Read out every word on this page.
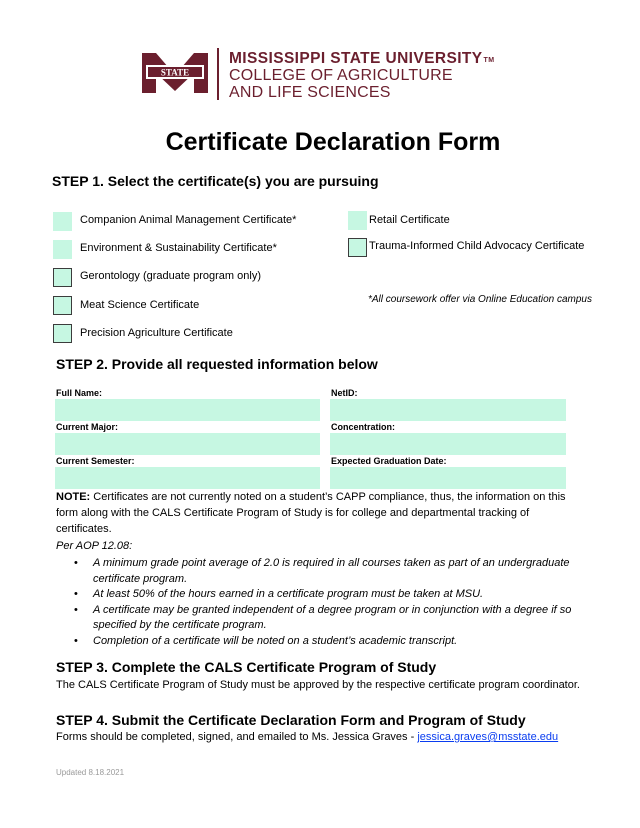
STATE
MISSISSIPPI STATE UNIVERSITYTM
COLLEGE OF AGRICULTURE
AND LIFE SCIENCES
Certificate Declaration Form
STEP 1. Select the certificate(s) you are pursuing
Companion Animal Management Certificate*
Environment & Sustainability Certificate*
Gerontology (graduate program only)
Meat Science Certificate
Precision Agriculture Certificate
Retail Certificate
Trauma-Informed Child Advocacy Certificate
*All coursework offer via Online Education campus
STEP 2. Provide all requested information below
Full Name:	NetID:
Current Major:	Concentration:
Current Semester:	Expected Graduation Date:
NOTE: Certificates are not currently noted on a student’s CAPP compliance, thus, the information on this form along with the CALS Certificate Program of Study is for college and departmental tracking of certificates.
Per AOP 12.08:
• A minimum grade point average of 2.0 is required in all courses taken as part of an undergraduate certificate program.
• At least 50% of the hours earned in a certificate program must be taken at MSU.
• A certificate may be granted independent of a degree program or in conjunction with a degree if so specified by the certificate program.
• Completion of a certificate will be noted on a student’s academic transcript.
STEP 3. Complete the CALS Certificate Program of Study
The CALS Certificate Program of Study must be approved by the respective certificate program coordinator.
STEP 4. Submit the Certificate Declaration Form and Program of Study
Forms should be completed, signed, and emailed to Ms. Jessica Graves - jessica.graves@msstate.edu
Updated 8.18.2021
